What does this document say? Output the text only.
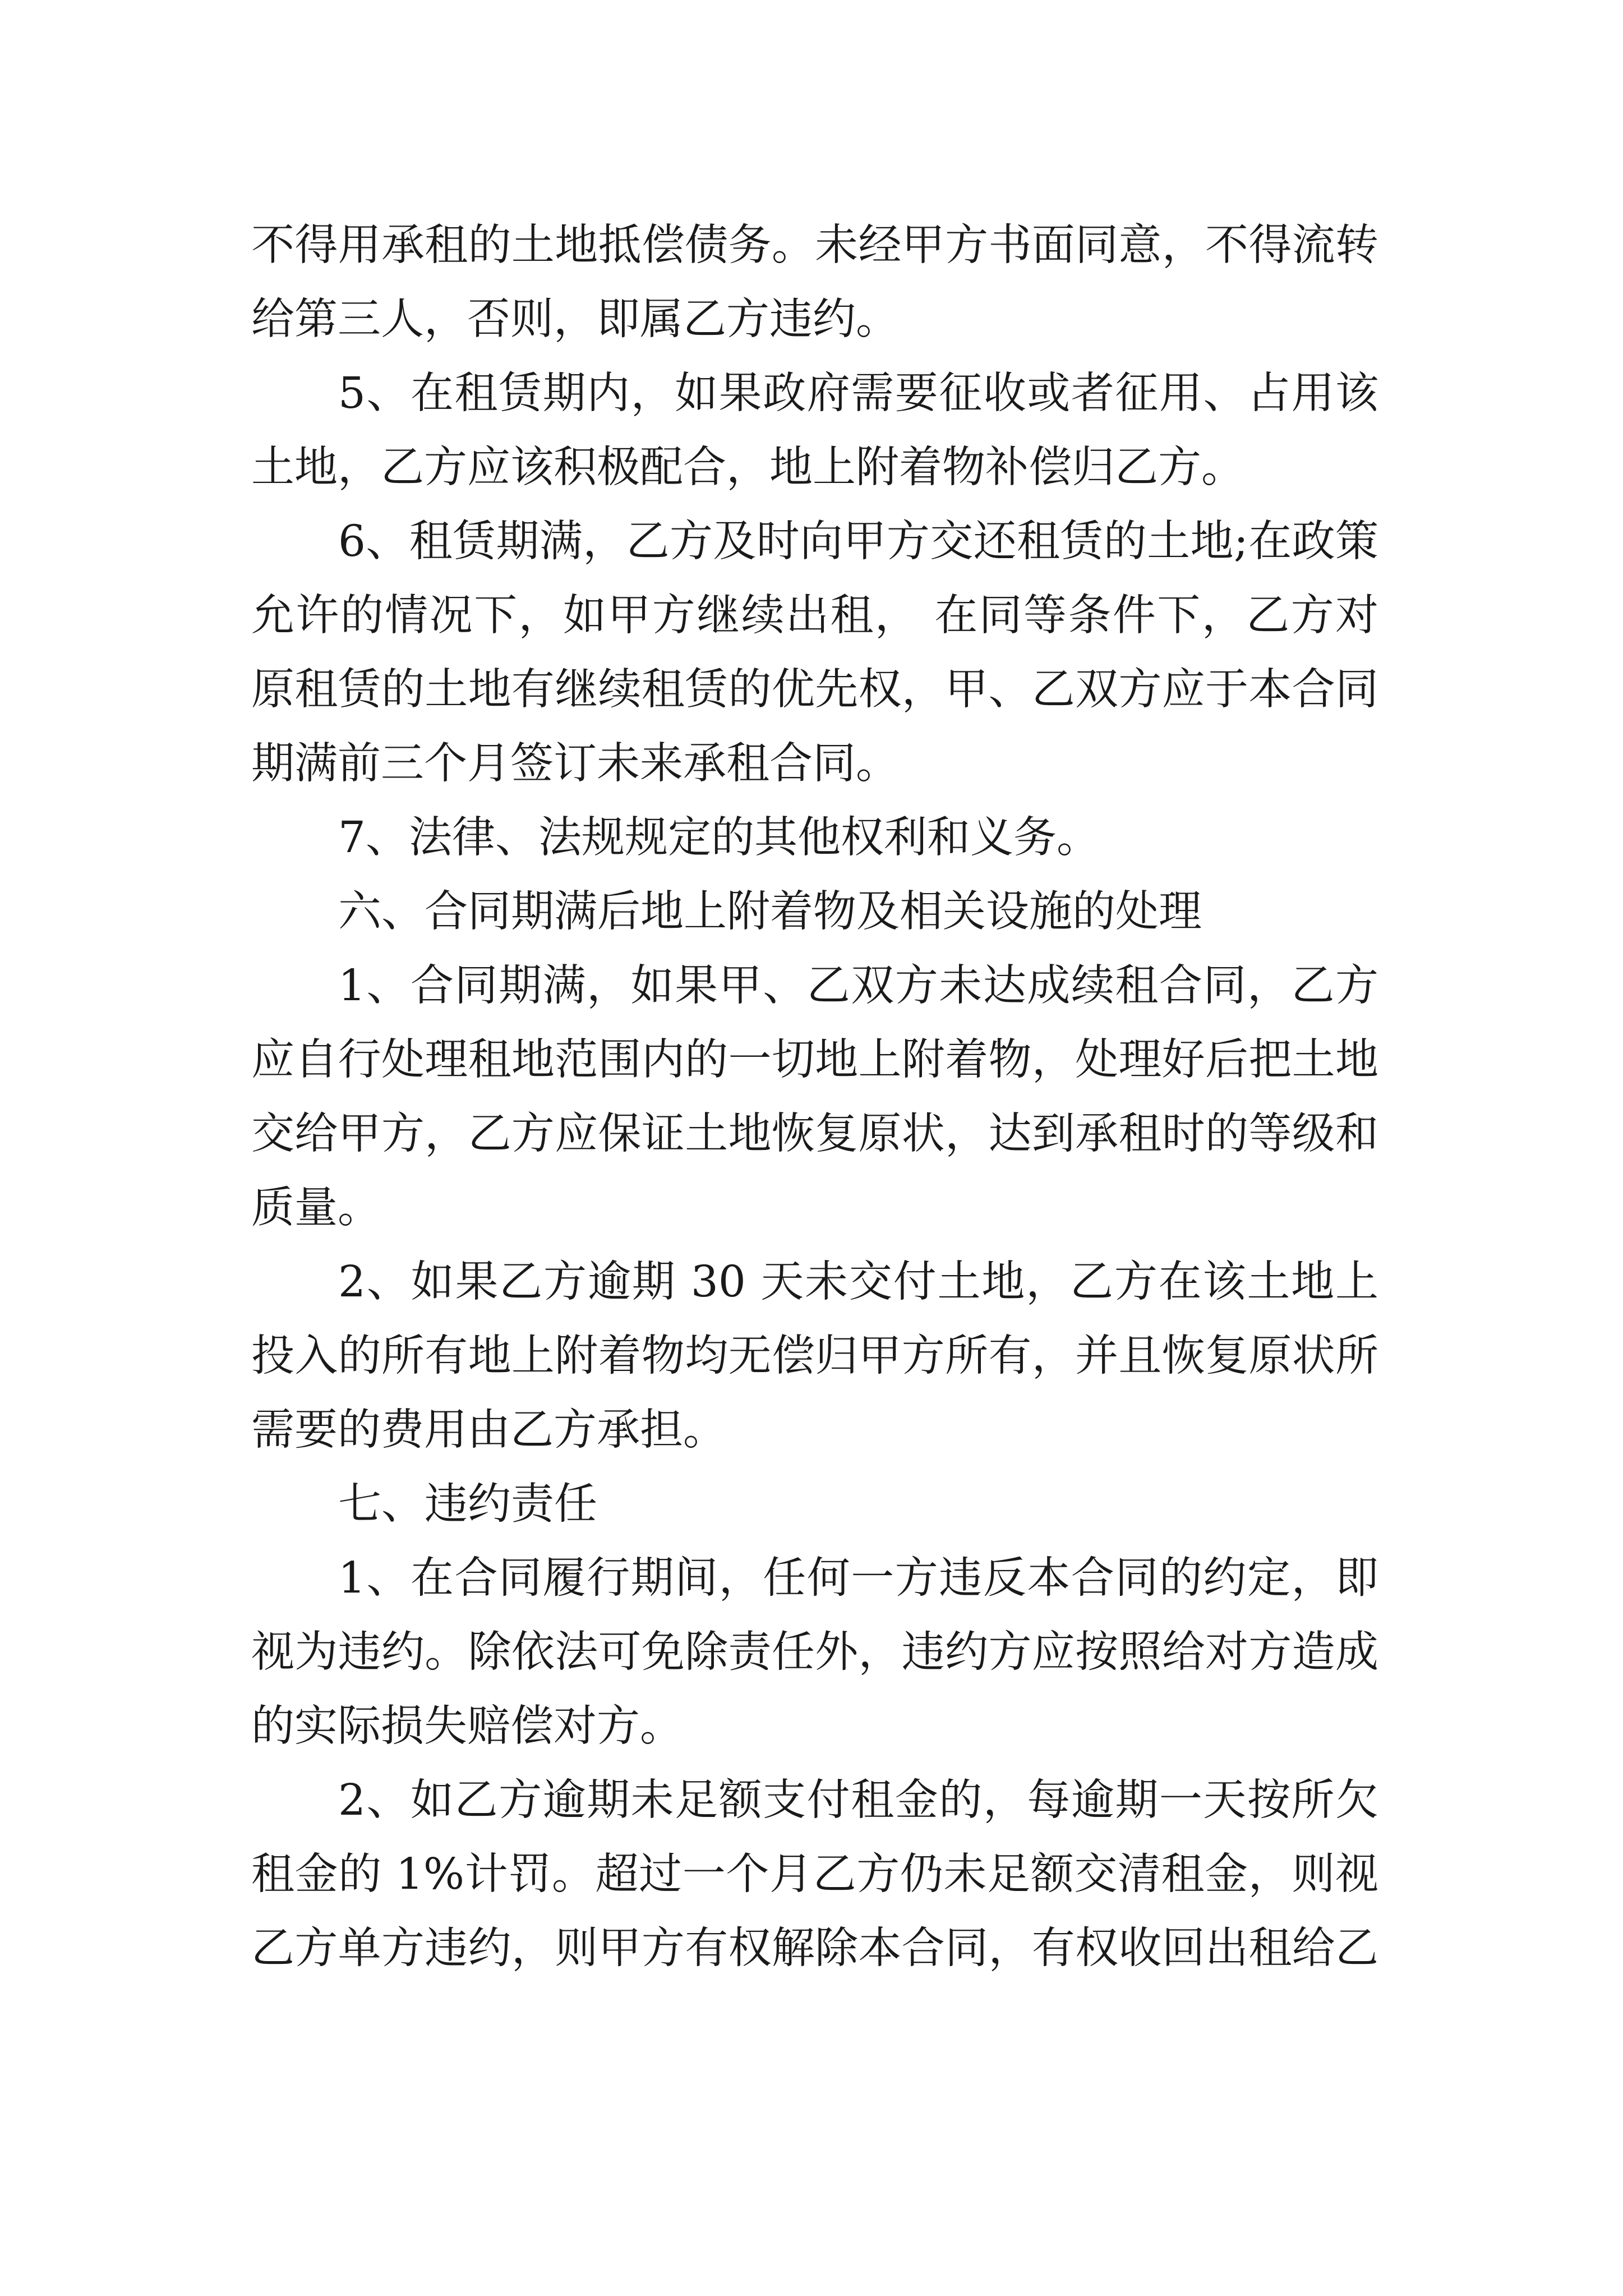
不得用承租的土地抵偿债务。未经甲方书面同意，不得流转
给第三人，否则，即属乙方违约。
5、在租赁期内，如果政府需要征收或者征用、占用该
土地，乙方应该积极配合，地上附着物补偿归乙方。
6、租赁期满，乙方及时向甲方交还租赁的土地;在政策
允许的情况下，如甲方继续出租， 在同等条件下，乙方对
原租赁的土地有继续租赁的优先权，甲、乙双方应于本合同
期满前三个月签订未来承租合同。
7、法律、法规规定的其他权利和义务。
六、合同期满后地上附着物及相关设施的处理
1、合同期满，如果甲、乙双方未达成续租合同，乙方
应自行处理租地范围内的一切地上附着物，处理好后把土地
交给甲方，乙方应保证土地恢复原状，达到承租时的等级和
质量。
2、如果乙方逾期 30 天未交付土地，乙方在该土地上
投入的所有地上附着物均无偿归甲方所有，并且恢复原状所
需要的费用由乙方承担。
七、违约责任
1、在合同履行期间，任何一方违反本合同的约定，即
视为违约。除依法可免除责任外，违约方应按照给对方造成
的实际损失赔偿对方。
2、如乙方逾期未足额支付租金的，每逾期一天按所欠
租金的 1%计罚。超过一个月乙方仍未足额交清租金，则视
乙方单方违约，则甲方有权解除本合同，有权收回出租给乙
